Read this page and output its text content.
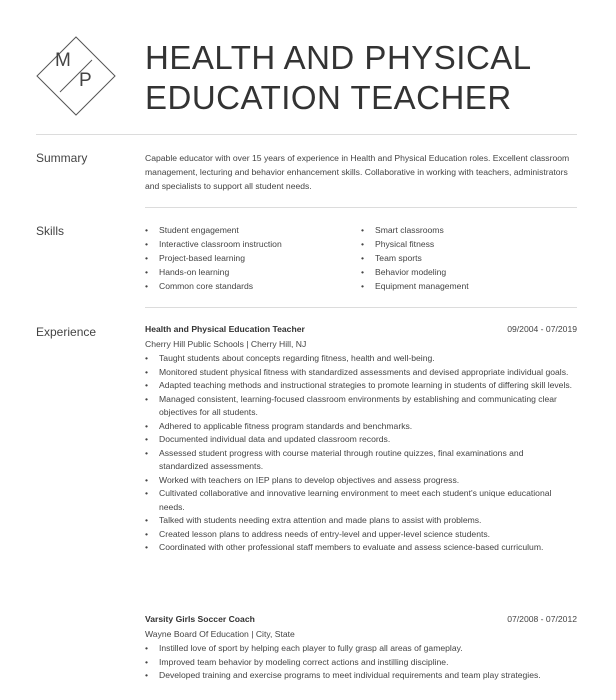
M
P
HEALTH AND PHYSICAL
EDUCATION TEACHER
Summary	Capable educator with over 15 years of experience in Health and Physical Education roles. Excellent classroom management, lecturing and behavior enhancement skills. Collaborative in working with teachers, administrators and specialists to support all student needs.
Skills	• Student engagement
• Interactive classroom instruction
• Project-based learning
• Hands-on learning
• Common core standards
• Smart classrooms
• Physical fitness
• Team sports
• Behavior modeling
• Equipment management
Experience	Health and Physical Education Teacher	09/2004 - 07/2019
Cherry Hill Public Schools | Cherry Hill, NJ
• Taught students about concepts regarding fitness, health and well-being.
• Monitored student physical fitness with standardized assessments and devised appropriate individual goals.
• Adapted teaching methods and instructional strategies to promote learning in students of differing skill levels.
• Managed consistent, learning-focused classroom environments by establishing and communicating clear objectives for all students.
• Adhered to applicable fitness program standards and benchmarks.
• Documented individual data and updated classroom records.
• Assessed student progress with course material through routine quizzes, final examinations and standardized assessments.
• Worked with teachers on IEP plans to develop objectives and assess progress.
• Cultivated collaborative and innovative learning environment to meet each student's unique educational needs.
• Talked with students needing extra attention and made plans to assist with problems.
• Created lesson plans to address needs of entry-level and upper-level science students.
• Coordinated with other professional staff members to evaluate and assess science-based curriculum.
Varsity Girls Soccer Coach	07/2008 - 07/2012
Wayne Board Of Education | City, State
• Instilled love of sport by helping each player to fully grasp all areas of gameplay.
• Improved team behavior by modeling correct actions and instilling discipline.
• Developed training and exercise programs to meet individual requirements and team play strategies.
